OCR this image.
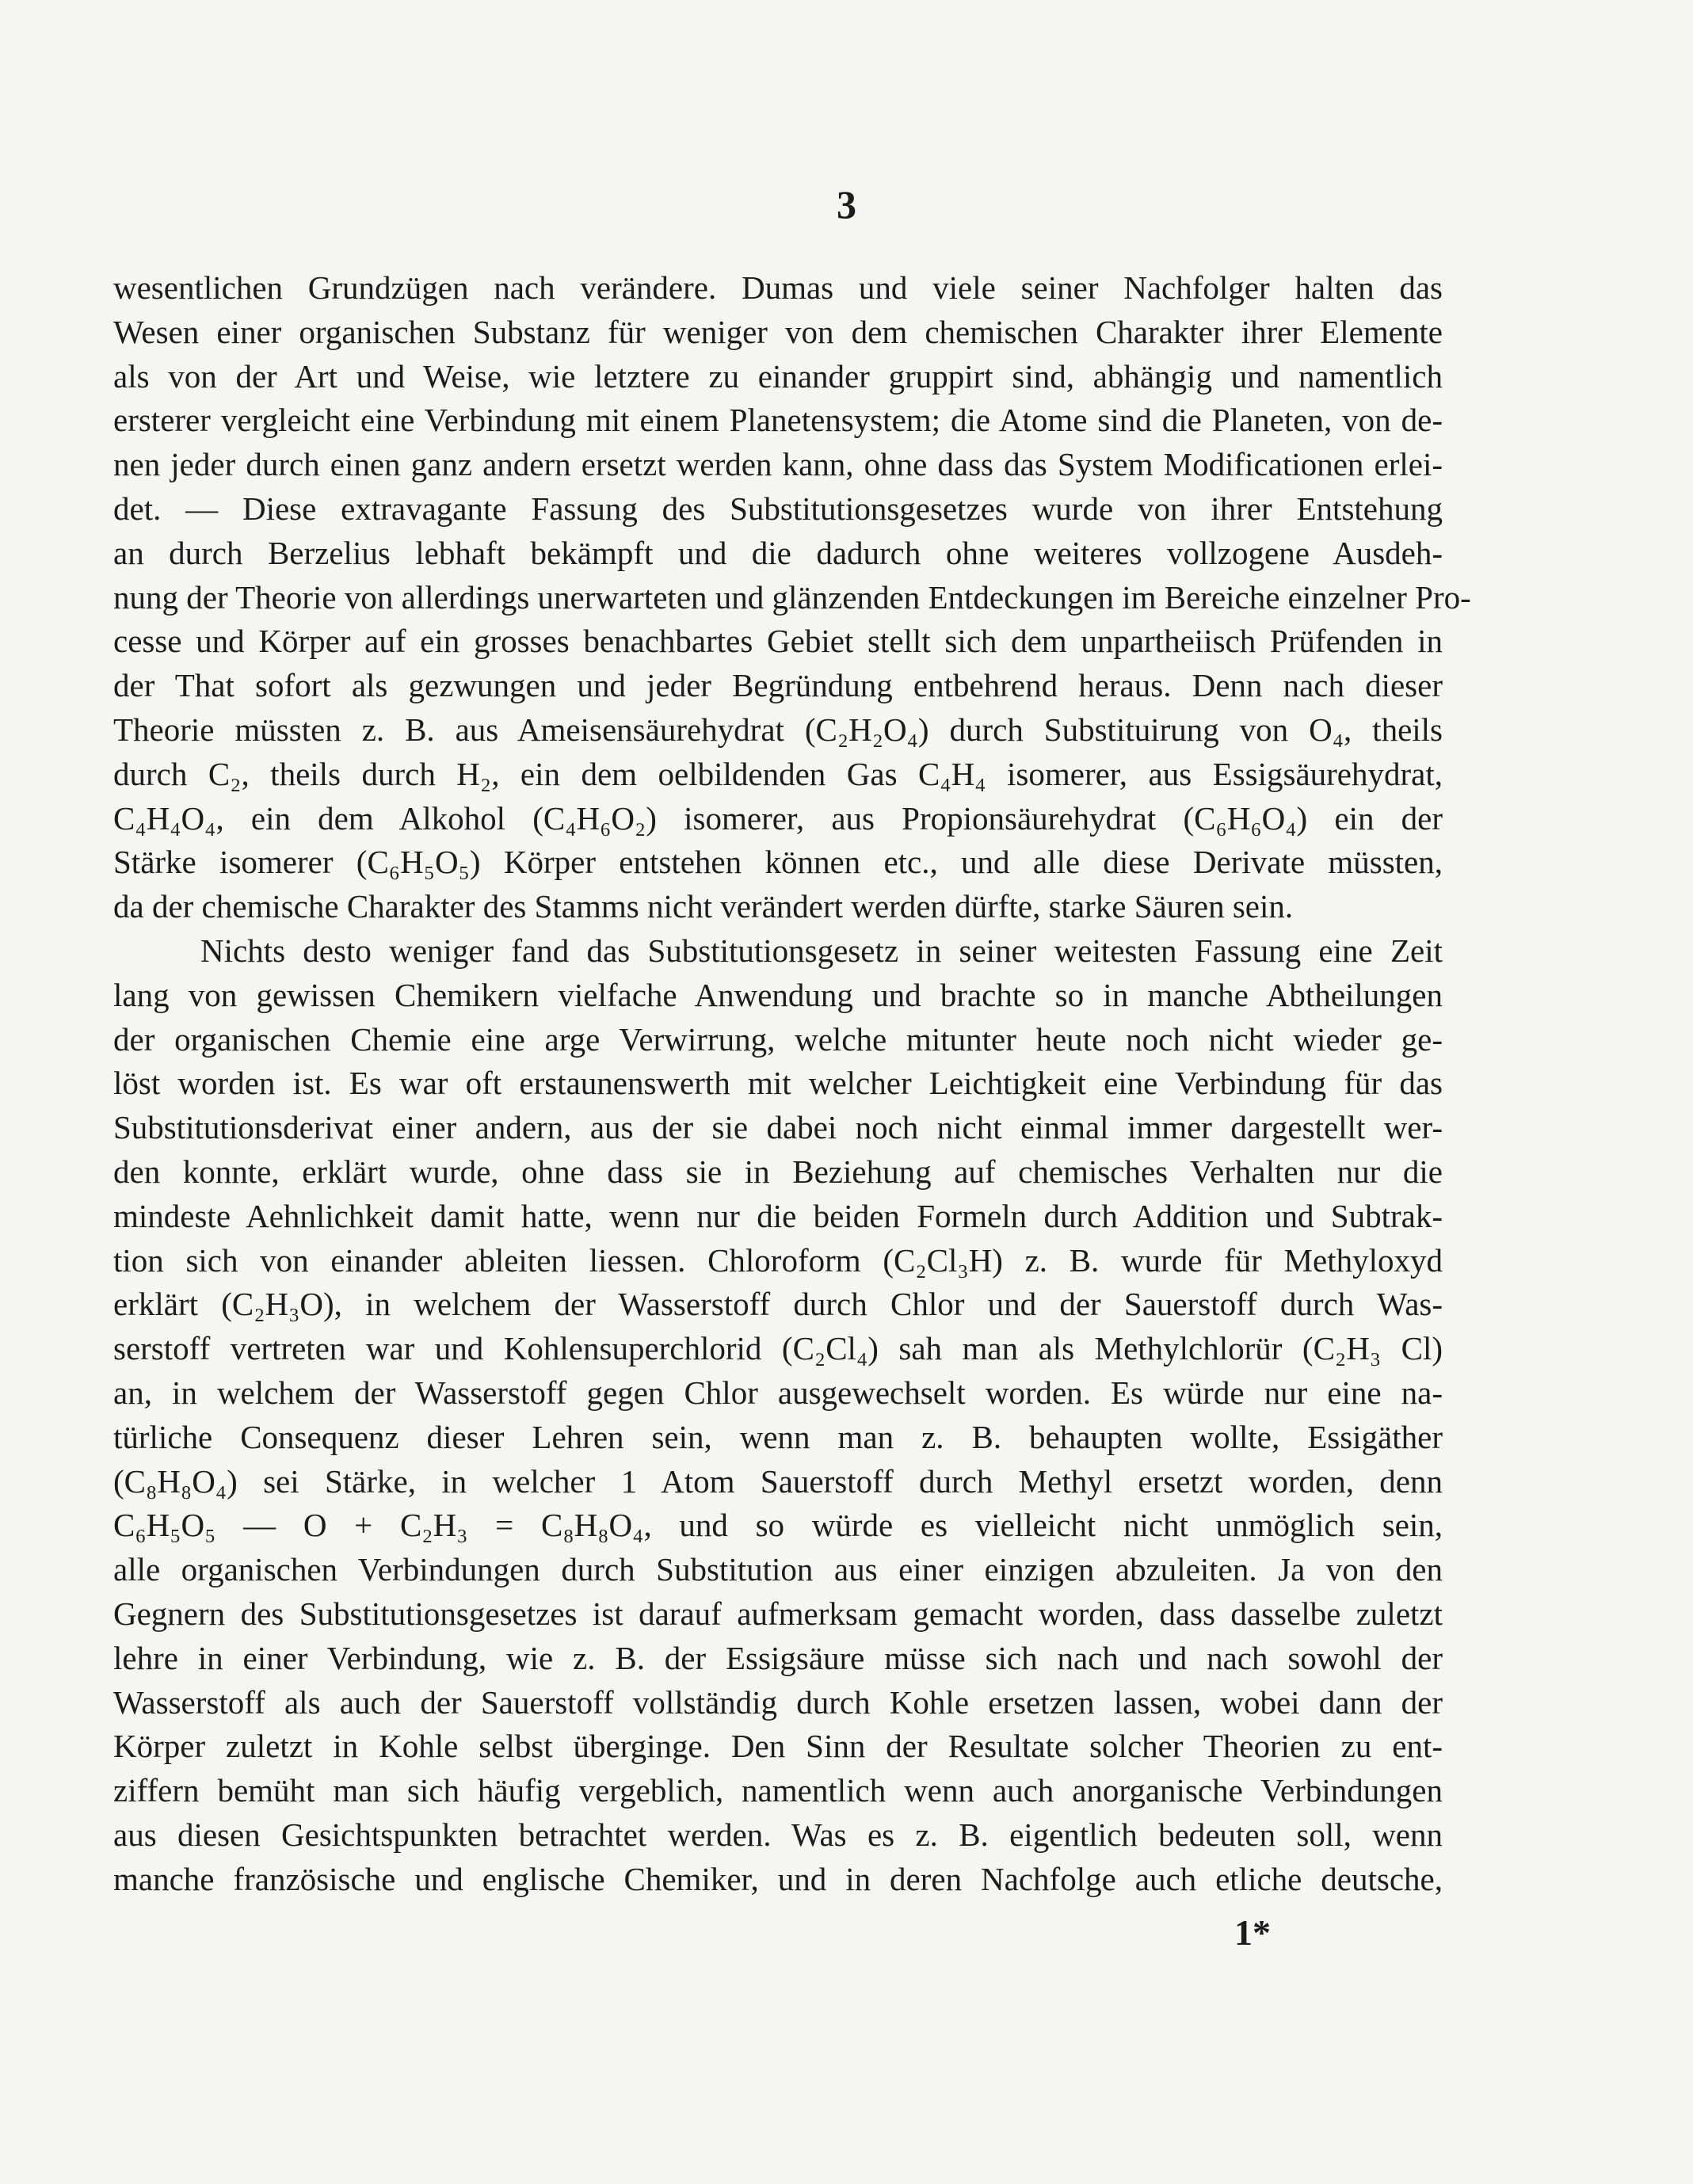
3
wesentlichen Grundzügen nach verändere. Dumas und viele seiner Nachfolger halten das
Wesen einer organischen Substanz für weniger von dem chemischen Charakter ihrer Elemente
als von der Art und Weise, wie letztere zu einander gruppirt sind, abhängig und namentlich
ersterer vergleicht eine Verbindung mit einem Planetensystem; die Atome sind die Planeten, von de-
nen jeder durch einen ganz andern ersetzt werden kann, ohne dass das System Modificationen erlei-
det. — Diese extravagante Fassung des Substitutionsgesetzes wurde von ihrer Entstehung
an durch Berzelius lebhaft bekämpft und die dadurch ohne weiteres vollzogene Ausdeh-
nung der Theorie von allerdings unerwarteten und glänzenden Entdeckungen im Bereiche einzelner Pro-
cesse und Körper auf ein grosses benachbartes Gebiet stellt sich dem unpartheiisch Prüfenden in
der That sofort als gezwungen und jeder Begründung entbehrend heraus. Denn nach dieser
Theorie müssten z. B. aus Ameisensäurehydrat (C₂H₂O₄) durch Substituirung von O₄, theils
durch C₂, theils durch H₂, ein dem oelbildenden Gas C₄H₄ isomerer, aus Essigsäurehydrat,
C₄H₄O₄, ein dem Alkohol (C₄H₆O₂) isomerer, aus Propionsäurehydrat (C₆H₆O₄) ein der
Stärke isomerer (C₆H₅O₅) Körper entstehen können etc., und alle diese Derivate müssten,
da der chemische Charakter des Stamms nicht verändert werden dürfte, starke Säuren sein.
Nichts desto weniger fand das Substitutionsgesetz in seiner weitesten Fassung eine Zeit
lang von gewissen Chemikern vielfache Anwendung und brachte so in manche Abtheilungen
der organischen Chemie eine arge Verwirrung, welche mitunter heute noch nicht wieder ge-
löst worden ist. Es war oft erstaunenswerth mit welcher Leichtigkeit eine Verbindung für das
Substitutionsderivat einer andern, aus der sie dabei noch nicht einmal immer dargestellt wer-
den konnte, erklärt wurde, ohne dass sie in Beziehung auf chemisches Verhalten nur die
mindeste Aehnlichkeit damit hatte, wenn nur die beiden Formeln durch Addition und Subtrak-
tion sich von einander ableiten liessen. Chloroform (C₂Cl₃H) z. B. wurde für Methyloxyd
erklärt (C₂H₃O), in welchem der Wasserstoff durch Chlor und der Sauerstoff durch Was-
serstoff vertreten war und Kohlensuperchlorid (C₂Cl₄) sah man als Methylchlorür (C₂H₃ Cl)
an, in welchem der Wasserstoff gegen Chlor ausgewechselt worden. Es würde nur eine na-
türliche Consequenz dieser Lehren sein, wenn man z. B. behaupten wollte, Essigäther
(C₈H₈O₄) sei Stärke, in welcher 1 Atom Sauerstoff durch Methyl ersetzt worden, denn
C₆H₅O₅ — O + C₂H₃ = C₈H₈O₄, und so würde es vielleicht nicht unmöglich sein,
alle organischen Verbindungen durch Substitution aus einer einzigen abzuleiten. Ja von den
Gegnern des Substitutionsgesetzes ist darauf aufmerksam gemacht worden, dass dasselbe zuletzt
lehre in einer Verbindung, wie z. B. der Essigsäure müsse sich nach und nach sowohl der
Wasserstoff als auch der Sauerstoff vollständig durch Kohle ersetzen lassen, wobei dann der
Körper zuletzt in Kohle selbst überginge. Den Sinn der Resultate solcher Theorien zu ent-
ziffern bemüht man sich häufig vergeblich, namentlich wenn auch anorganische Verbindungen
aus diesen Gesichtspunkten betrachtet werden. Was es z. B. eigentlich bedeuten soll, wenn
manche französische und englische Chemiker, und in deren Nachfolge auch etliche deutsche,
1*
